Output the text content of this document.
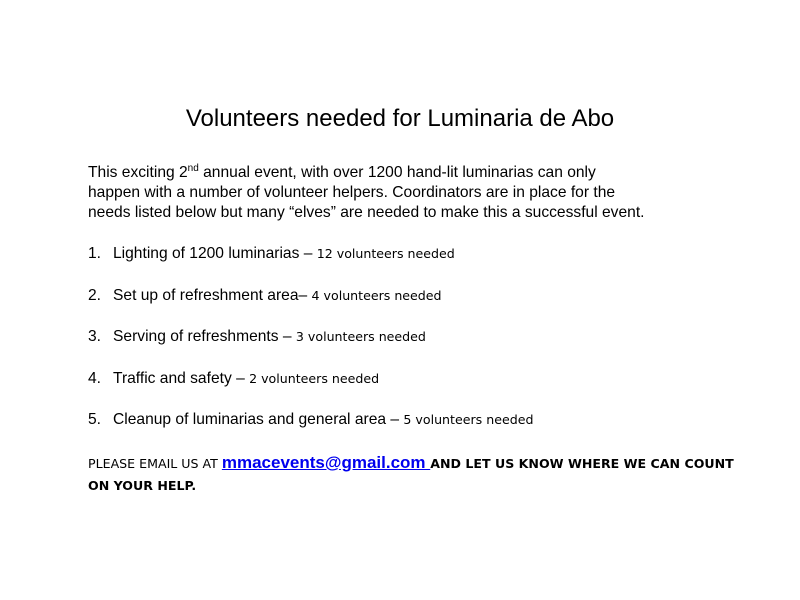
Volunteers needed for Luminaria de Abo

This exciting 2nd annual event, with over 1200 hand-lit luminarias can only
happen with a number of volunteer helpers. Coordinators are in place for the
needs listed below but many “elves” are needed to make this a successful event.

1. Lighting of 1200 luminarias – 12 volunteers needed
2. Set up of refreshment area– 4 volunteers needed
3. Serving of refreshments – 3 volunteers needed
4. Traffic and safety – 2 volunteers needed
5. Cleanup of luminarias and general area – 5 volunteers needed

PLEASE EMAIL US AT mmacevents@gmail.com AND LET US KNOW WHERE WE CAN COUNT ON YOUR HELP.
